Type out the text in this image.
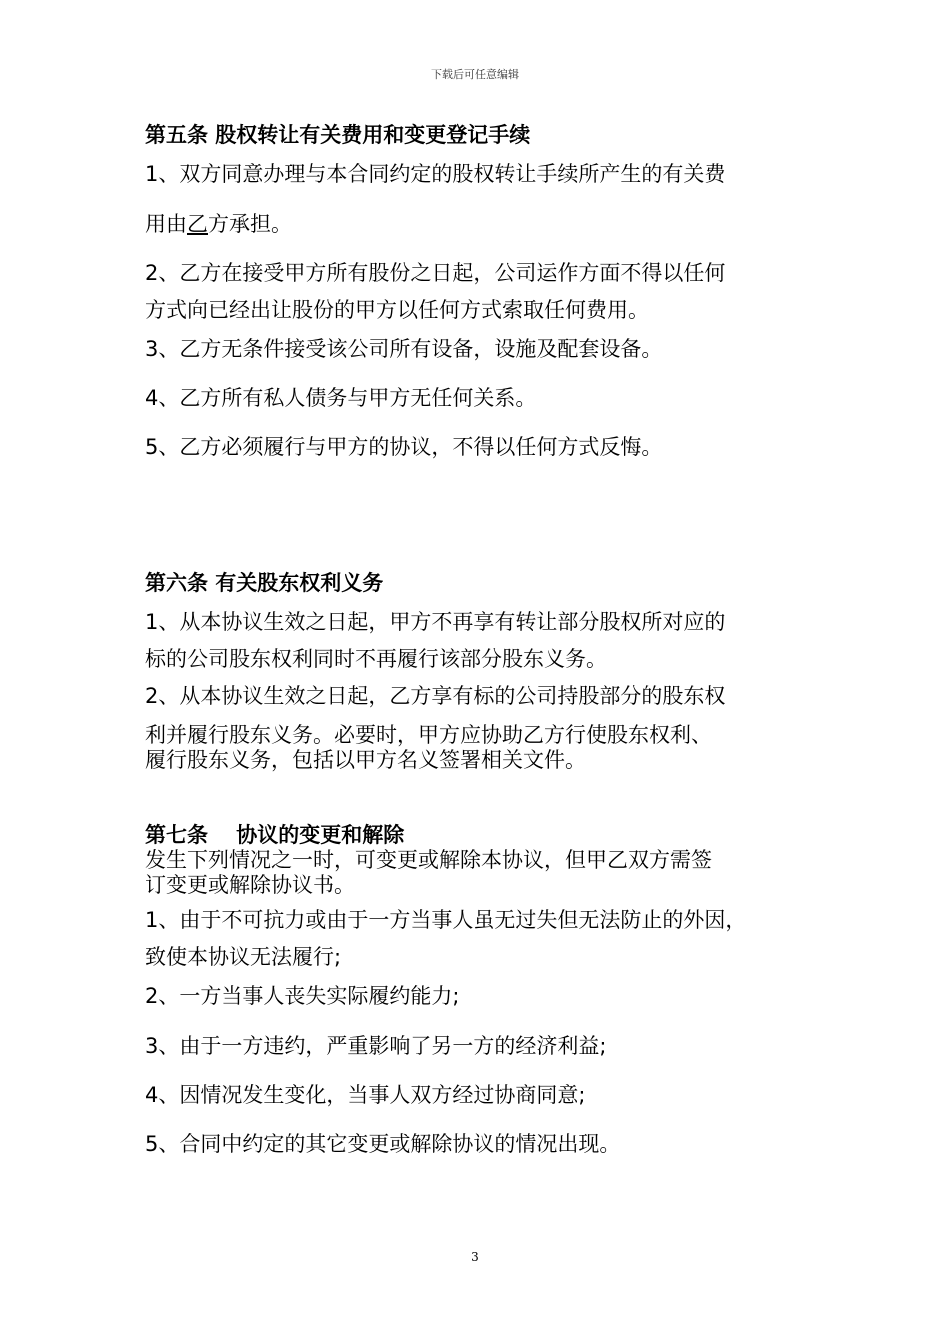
下载后可任意编辑
第五条 股权转让有关费用和变更登记手续
1、双方同意办理与本合同约定的股权转让手续所产生的有关费
用由乙方承担。
2、乙方在接受甲方所有股份之日起，公司运作方面不得以任何
方式向已经出让股份的甲方以任何方式索取任何费用。
3、乙方无条件接受该公司所有设备，设施及配套设备。
4、乙方所有私人债务与甲方无任何关系。
5、乙方必须履行与甲方的协议，不得以任何方式反悔。
第六条 有关股东权利义务
1、从本协议生效之日起，甲方不再享有转让部分股权所对应的
标的公司股东权利同时不再履行该部分股东义务。
2、从本协议生效之日起，乙方享有标的公司持股部分的股东权
利并履行股东义务。必要时，甲方应协助乙方行使股东权利、
履行股东义务，包括以甲方名义签署相关文件。
第七条　 协议的变更和解除
发生下列情况之一时，可变更或解除本协议，但甲乙双方需签
订变更或解除协议书。
1、由于不可抗力或由于一方当事人虽无过失但无法防止的外因，
致使本协议无法履行;
2、一方当事人丧失实际履约能力;
3、由于一方违约，严重影响了另一方的经济利益;
4、因情况发生变化，当事人双方经过协商同意;
5、合同中约定的其它变更或解除协议的情况出现。
3
